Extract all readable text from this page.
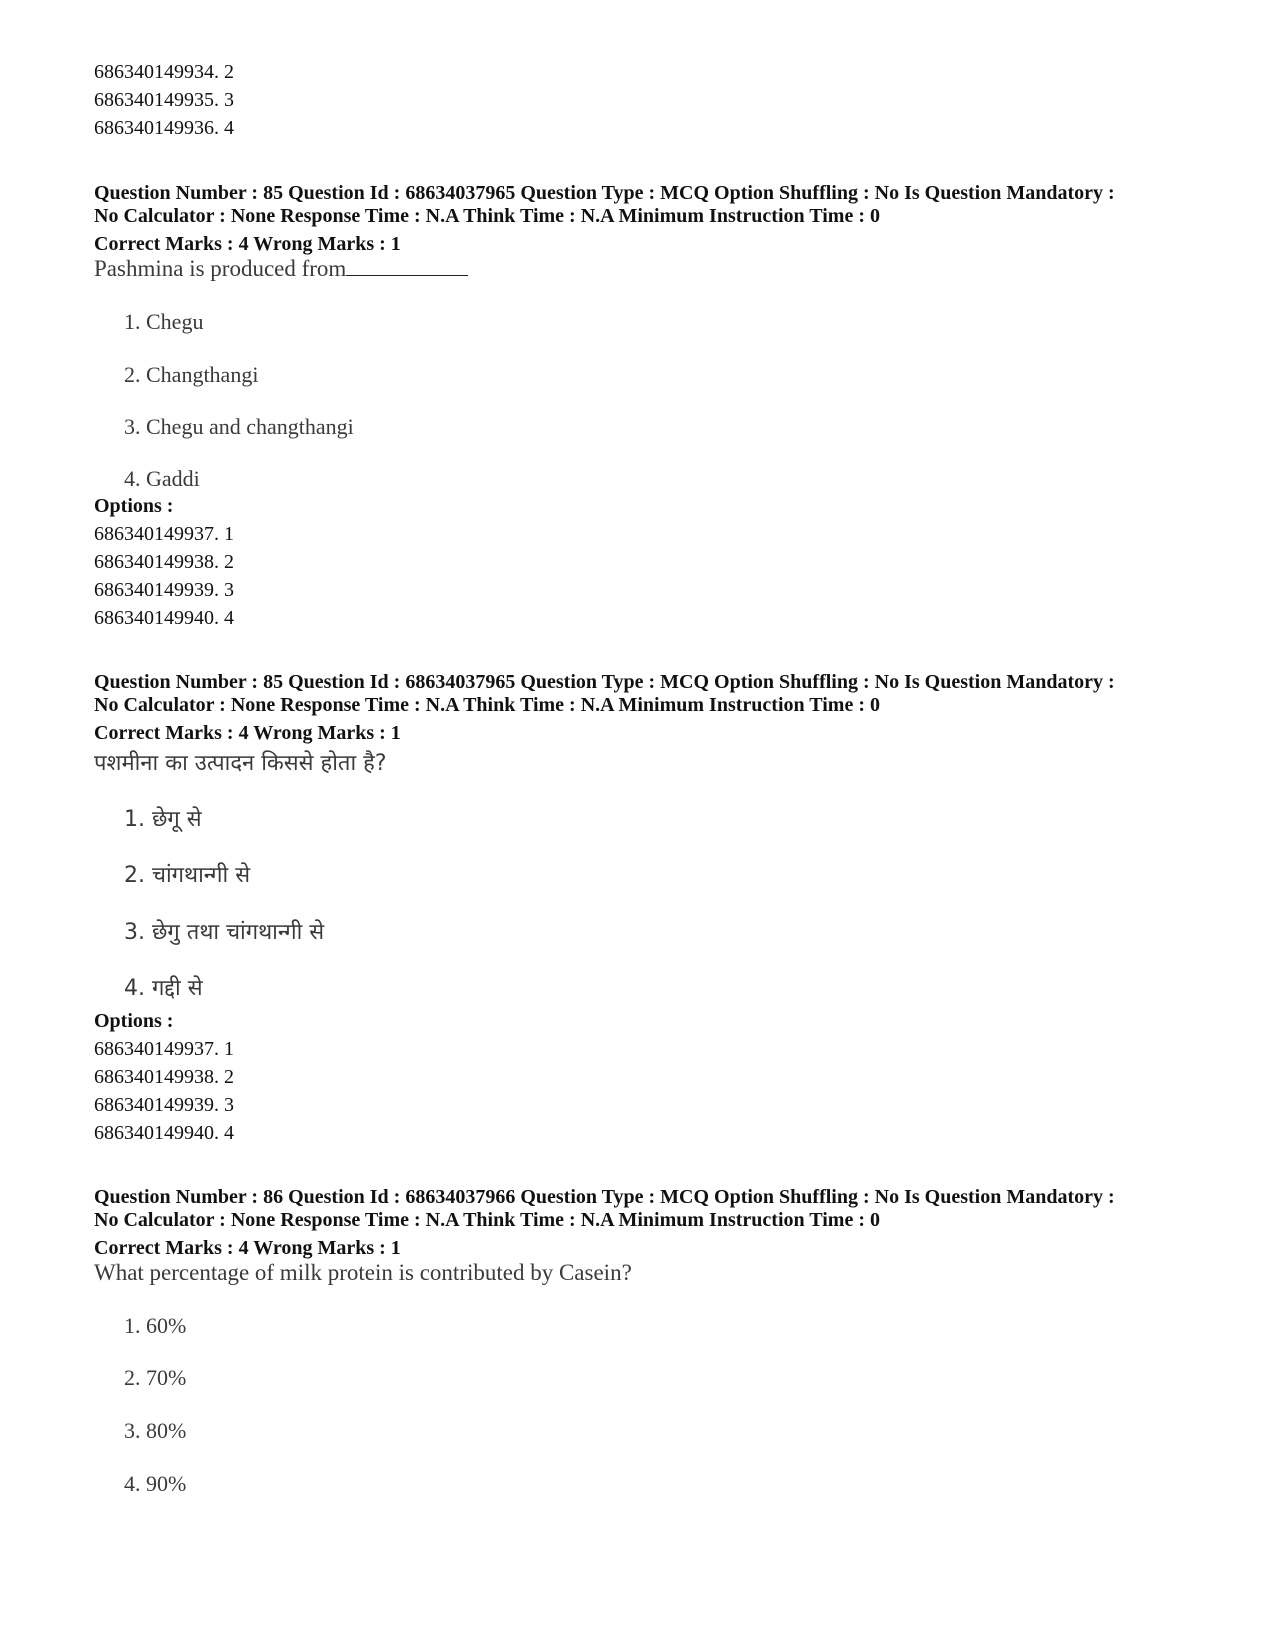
686340149934. 2
686340149935. 3
686340149936. 4
Question Number : 85 Question Id : 68634037965 Question Type : MCQ Option Shuffling : No Is Question Mandatory :
No Calculator : None Response Time : N.A Think Time : N.A Minimum Instruction Time : 0
Correct Marks : 4 Wrong Marks : 1
Pashmina is produced from
1. Chegu
2. Changthangi
3. Chegu and changthangi
4. Gaddi
Options :
686340149937. 1
686340149938. 2
686340149939. 3
686340149940. 4
Question Number : 85 Question Id : 68634037965 Question Type : MCQ Option Shuffling : No Is Question Mandatory :
No Calculator : None Response Time : N.A Think Time : N.A Minimum Instruction Time : 0
Correct Marks : 4 Wrong Marks : 1
पशमीना का उत्पादन किससे होता है?
1. छेगू से
2. चांगथान्गी से
3. छेगु तथा चांगथान्गी से
4. गद्दी से
Options :
686340149937. 1
686340149938. 2
686340149939. 3
686340149940. 4
Question Number : 86 Question Id : 68634037966 Question Type : MCQ Option Shuffling : No Is Question Mandatory :
No Calculator : None Response Time : N.A Think Time : N.A Minimum Instruction Time : 0
Correct Marks : 4 Wrong Marks : 1
What percentage of milk protein is contributed by Casein?
1. 60%
2. 70%
3. 80%
4. 90%
